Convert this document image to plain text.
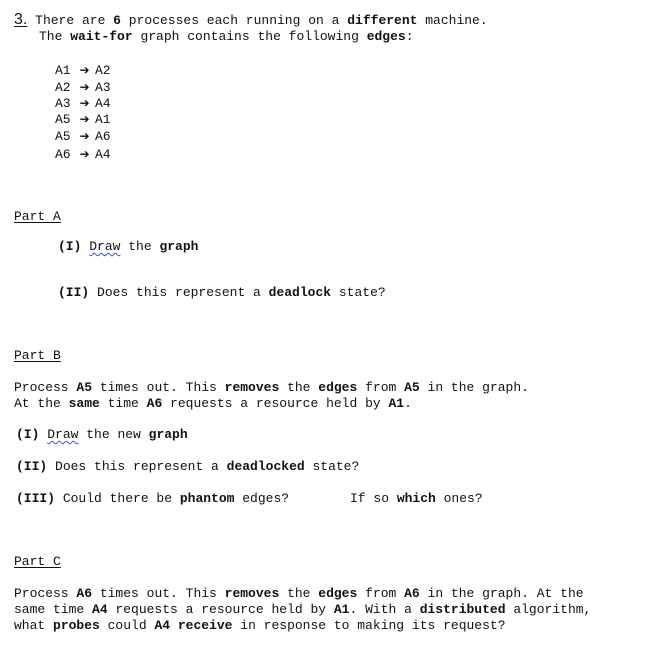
3. There are 6 processes each running on a different machine.
The wait-for graph contains the following edges:
A1 ➔ A2
A2 ➔ A3
A3 ➔ A4
A5 ➔ A1
A5 ➔ A6
A6 ➔ A4
Part A
(I) Draw the graph
(II) Does this represent a deadlock state?
Part B
Process A5 times out. This removes the edges from A5 in the graph.
At the same time A6 requests a resource held by A1.
(I) Draw the new graph
(II) Does this represent a deadlocked state?
(III) Could there be phantom edges?	If so which ones?
Part C
Process A6 times out. This removes the edges from A6 in the graph. At the
same time A4 requests a resource held by A1. With a distributed algorithm,
what probes could A4 receive in response to making its request?
